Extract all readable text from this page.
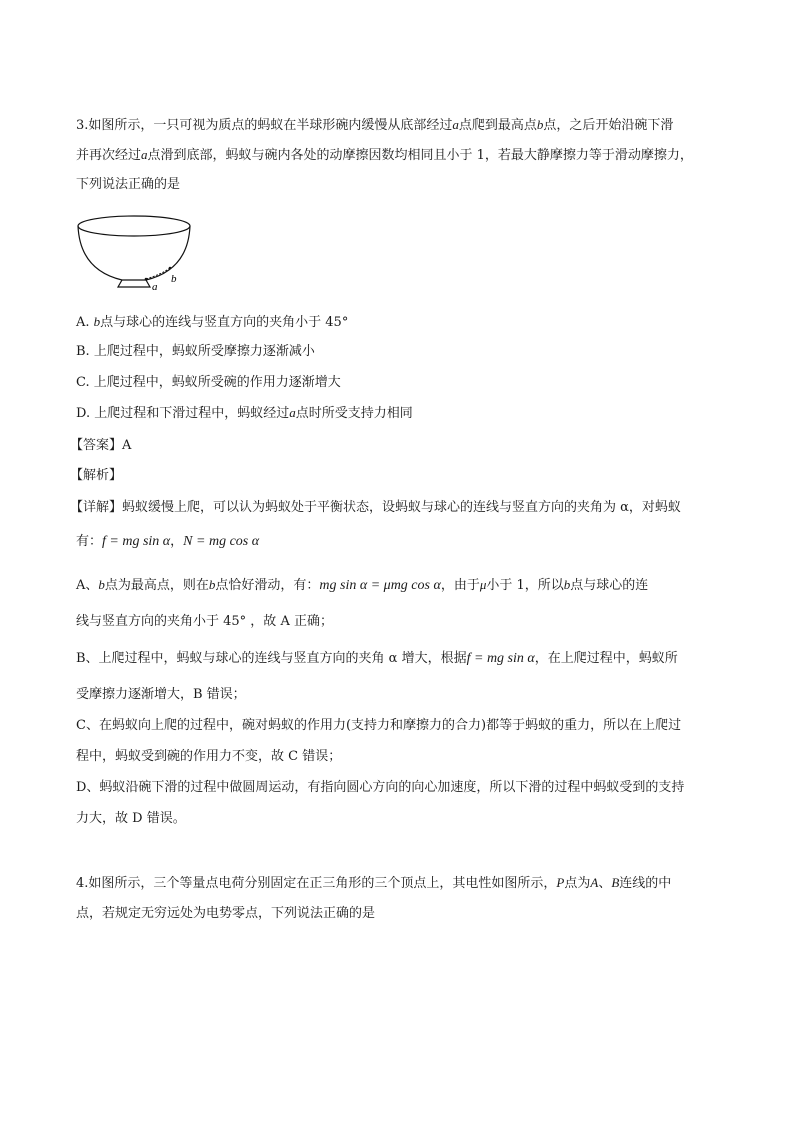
3.如图所示，一只可视为质点的蚂蚁在半球形碗内缓慢从底部经过a点爬到最高点b点，之后开始沿碗下滑
并再次经过a点滑到底部，蚂蚁与碗内各处的动摩擦因数均相同且小于 1，若最大静摩擦力等于滑动摩擦力，
下列说法正确的是
b
a
A. b点与球心的连线与竖直方向的夹角小于 45°
B. 上爬过程中，蚂蚁所受摩擦力逐渐减小
C. 上爬过程中，蚂蚁所受碗的作用力逐渐增大
D. 上爬过程和下滑过程中，蚂蚁经过a点时所受支持力相同
【答案】A
【解析】
【详解】蚂蚁缓慢上爬，可以认为蚂蚁处于平衡状态，设蚂蚁与球心的连线与竖直方向的夹角为 α，对蚂蚁
有：f = mg sin α，N = mg cos α
A、b点为最高点，则在b点恰好滑动，有：mg sin α = μmg cos α，由于μ小于 1，所以b点与球心的连
线与竖直方向的夹角小于 45° ，故 A 正确；
B、上爬过程中，蚂蚁与球心的连线与竖直方向的夹角 α 增大，根据f = mg sin α，在上爬过程中，蚂蚁所
受摩擦力逐渐增大，B 错误；
C、在蚂蚁向上爬的过程中，碗对蚂蚁的作用力(支持力和摩擦力的合力)都等于蚂蚁的重力，所以在上爬过
程中，蚂蚁受到碗的作用力不变，故 C 错误；
D、蚂蚁沿碗下滑的过程中做圆周运动，有指向圆心方向的向心加速度，所以下滑的过程中蚂蚁受到的支持
力大，故 D 错误。
4.如图所示，三个等量点电荷分别固定在正三角形的三个顶点上，其电性如图所示，P点为A、B连线的中
点，若规定无穷远处为电势零点，下列说法正确的是
